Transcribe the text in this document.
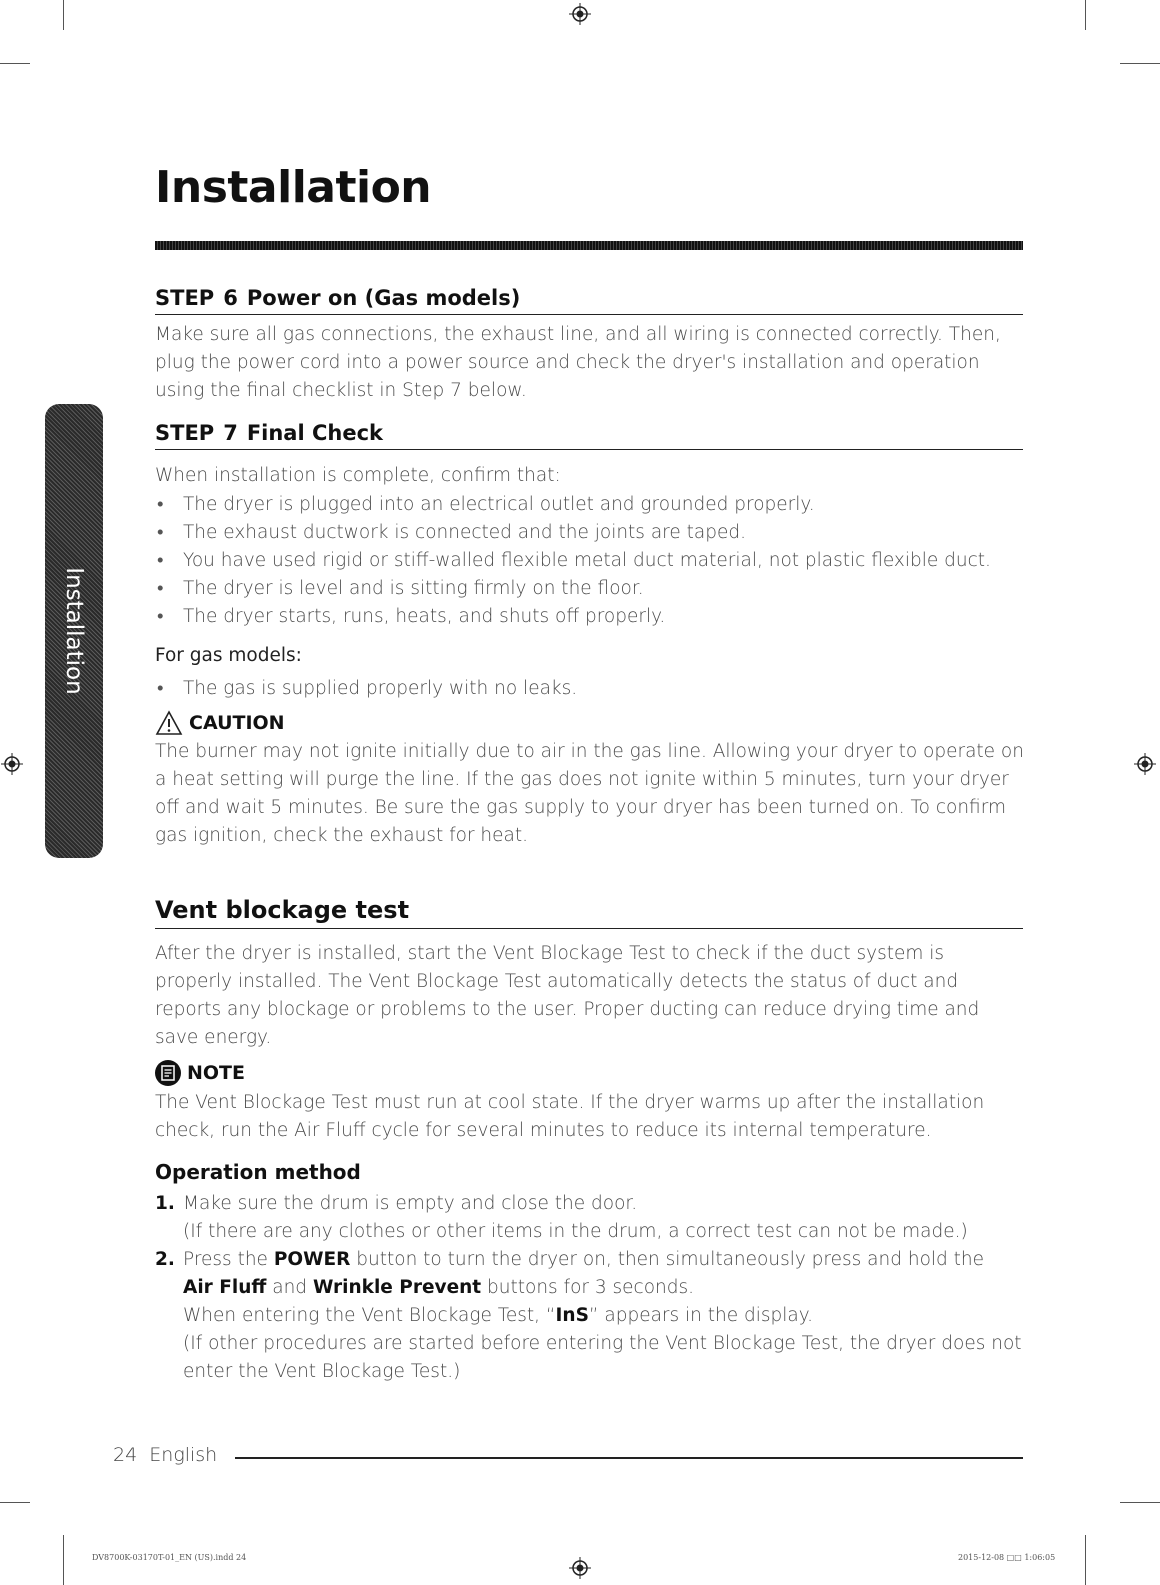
Installation
Installation
STEP 6 Power on (Gas models)
Make sure all gas connections, the exhaust line, and all wiring is connected correctly. Then, plug the power cord into a power source and check the dryer's installation and operation using the final checklist in Step 7 below.
STEP 7 Final Check
When installation is complete, confirm that:
• The dryer is plugged into an electrical outlet and grounded properly.
• The exhaust ductwork is connected and the joints are taped.
• You have used rigid or stiff-walled flexible metal duct material, not plastic flexible duct.
• The dryer is level and is sitting firmly on the floor.
• The dryer starts, runs, heats, and shuts off properly.
For gas models:
• The gas is supplied properly with no leaks.
CAUTION
The burner may not ignite initially due to air in the gas line. Allowing your dryer to operate on a heat setting will purge the line. If the gas does not ignite within 5 minutes, turn your dryer off and wait 5 minutes. Be sure the gas supply to your dryer has been turned on. To confirm gas ignition, check the exhaust for heat.
Vent blockage test
After the dryer is installed, start the Vent Blockage Test to check if the duct system is properly installed. The Vent Blockage Test automatically detects the status of duct and reports any blockage or problems to the user. Proper ducting can reduce drying time and save energy.
NOTE
The Vent Blockage Test must run at cool state. If the dryer warms up after the installation check, run the Air Fluff cycle for several minutes to reduce its internal temperature.
Operation method
1. Make sure the drum is empty and close the door.
(If there are any clothes or other items in the drum, a correct test can not be made.)
2. Press the POWER button to turn the dryer on, then simultaneously press and hold the
Air Fluff and Wrinkle Prevent buttons for 3 seconds.
When entering the Vent Blockage Test, “InS” appears in the display.
(If other procedures are started before entering the Vent Blockage Test, the dryer does not enter the Vent Blockage Test.)
24 English
DV8700K-03170T-01_EN (US).indd 24	2015-12-08 □□ 1:06:05
